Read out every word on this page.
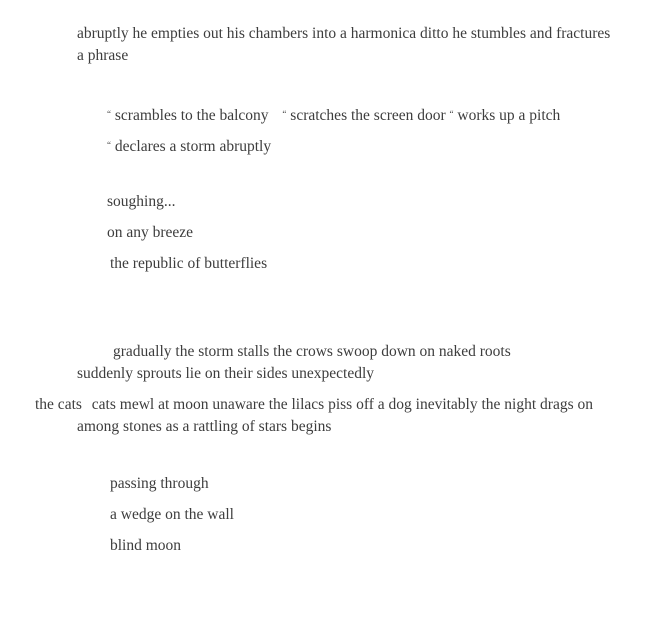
abruptly he empties out his chambers into a harmonica ditto he stumbles and fractures
a phrase
“ scrambles to the balcony “ scratches the screen door “ works up a pitch
“ declares a storm abruptly
soughing...
on any breeze
the republic of butterflies
gradually the storm stalls the crows swoop down on naked roots
suddenly sprouts lie on their sides unexpectedly
the cats cats mewl at moon unaware the lilacs piss off a dog inevitably the night drags on
among stones as a rattling of stars begins
passing through
a wedge on the wall
blind moon
